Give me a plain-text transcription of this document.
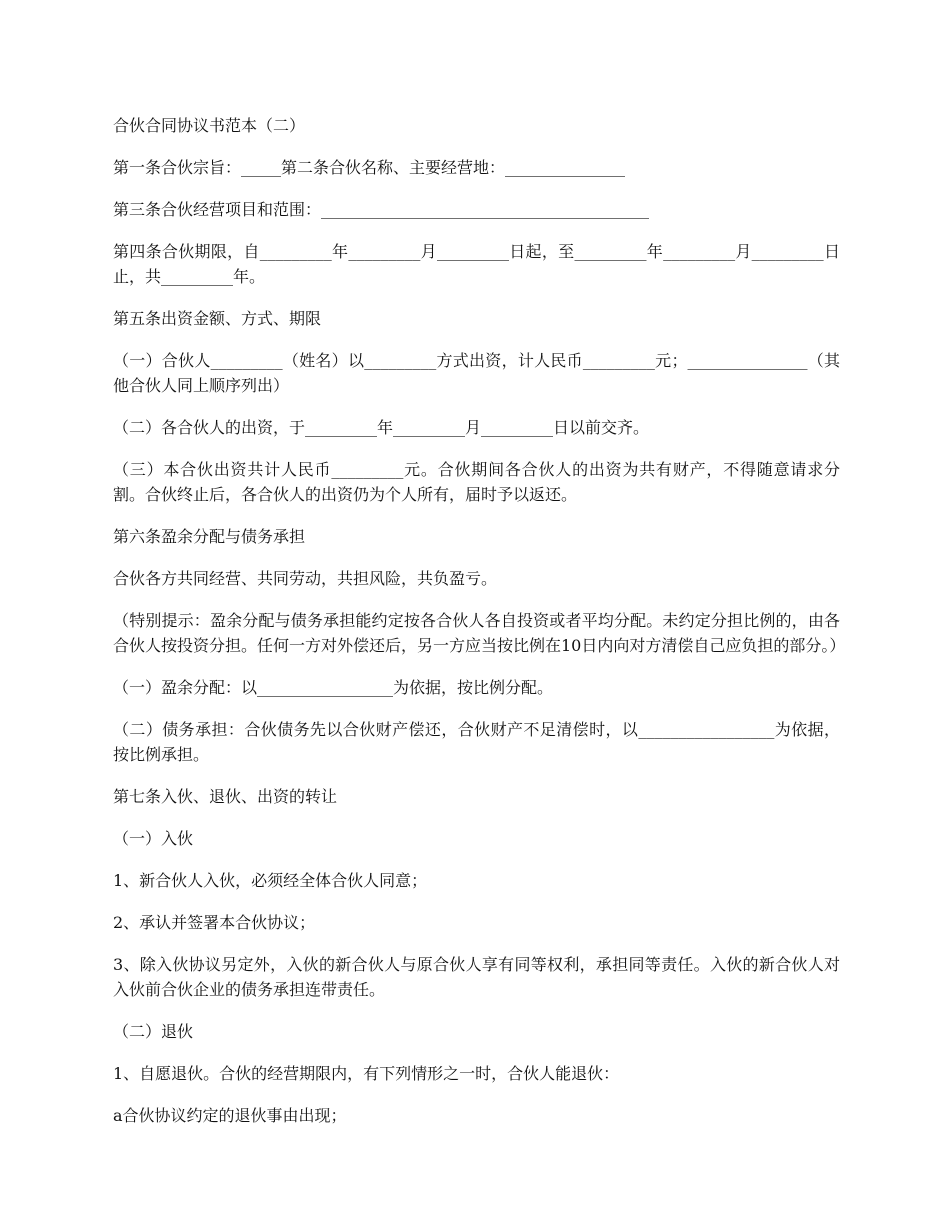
合伙合同协议书范本（二）

第一条合伙宗旨：_____第二条合伙名称、主要经营地：_______________

第三条合伙经营项目和范围：_________________________________________

第四条合伙期限，自_________年_________月_________日起，至_________年_________月_________日止，共_________年。

第五条出资金额、方式、期限

（一）合伙人_________（姓名）以_________方式出资，计人民币_________元；_______________（其他合伙人同上顺序列出）

（二）各合伙人的出资，于_________年_________月_________日以前交齐。

（三）本合伙出资共计人民币_________元。合伙期间各合伙人的出资为共有财产，不得随意请求分割。合伙终止后，各合伙人的出资仍为个人所有，届时予以返还。

第六条盈余分配与债务承担

合伙各方共同经营、共同劳动，共担风险，共负盈亏。

（特别提示：盈余分配与债务承担能约定按各合伙人各自投资或者平均分配。未约定分担比例的，由各合伙人按投资分担。任何一方对外偿还后，另一方应当按比例在10日内向对方清偿自己应负担的部分。）

（一）盈余分配：以_________________为依据，按比例分配。

（二）债务承担：合伙债务先以合伙财产偿还，合伙财产不足清偿时，以_________________为依据，按比例承担。

第七条入伙、退伙、出资的转让

（一）入伙

1、新合伙人入伙，必须经全体合伙人同意；

2、承认并签署本合伙协议；

3、除入伙协议另定外，入伙的新合伙人与原合伙人享有同等权利，承担同等责任。入伙的新合伙人对入伙前合伙企业的债务承担连带责任。

（二）退伙

1、自愿退伙。合伙的经营期限内，有下列情形之一时，合伙人能退伙：

a合伙协议约定的退伙事由出现；
